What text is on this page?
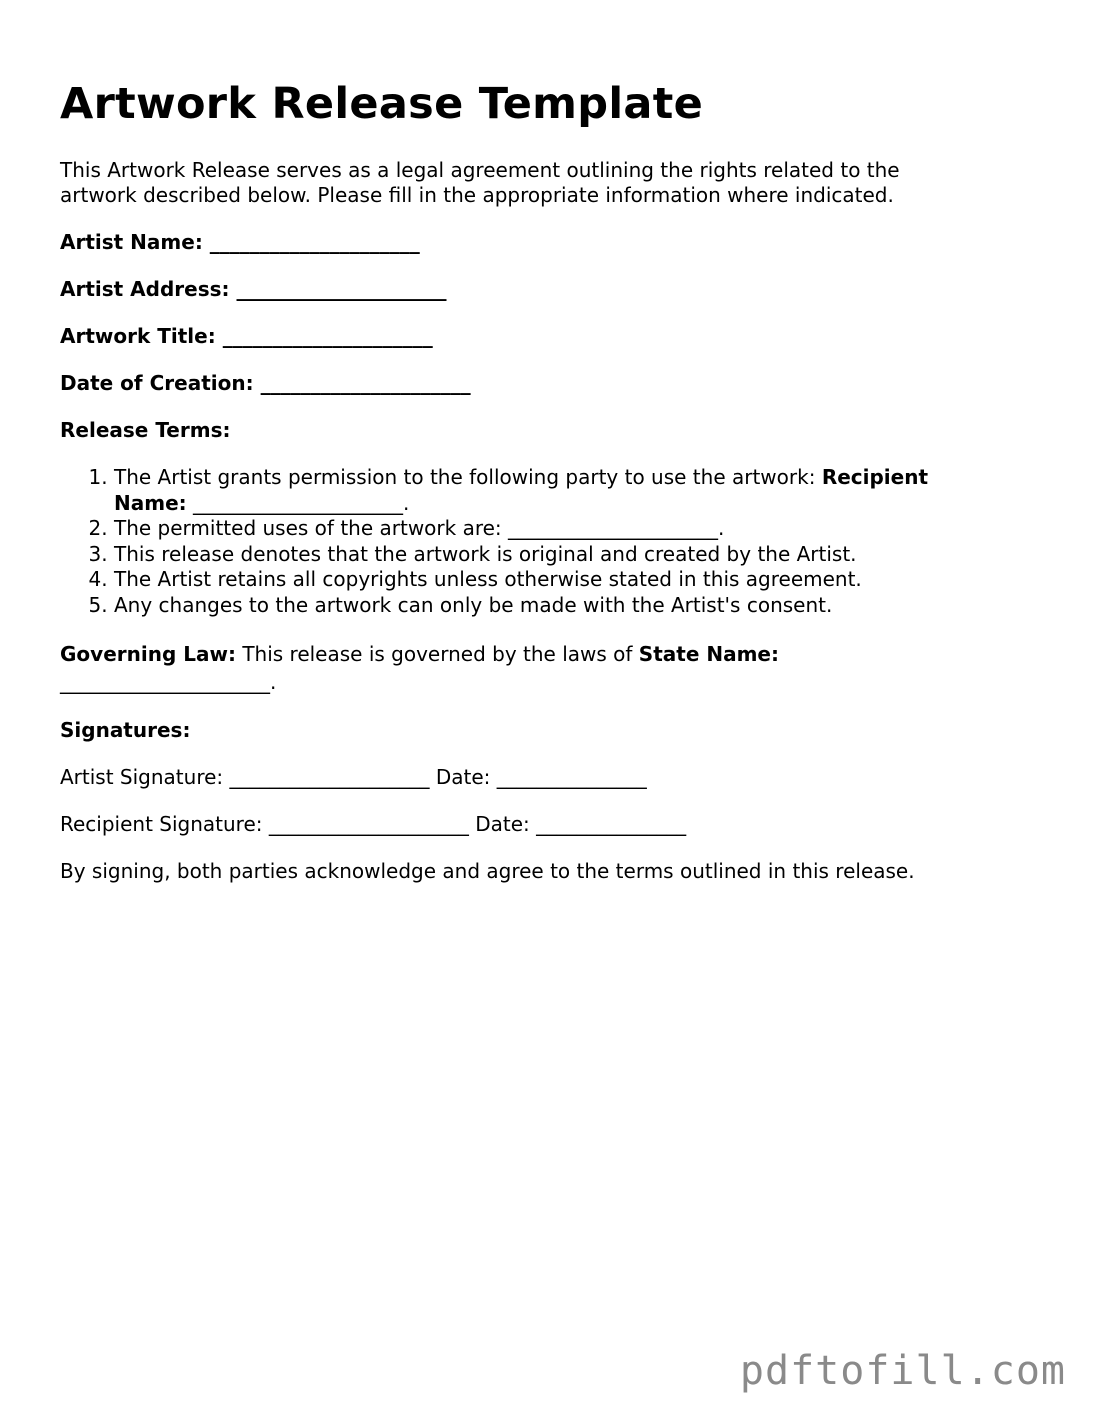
Artwork Release Template

This Artwork Release serves as a legal agreement outlining the rights related to the artwork described below. Please fill in the appropriate information where indicated.

Artist Name: _____________________

Artist Address: _____________________

Artwork Title: _____________________

Date of Creation: _____________________

Release Terms:

1. The Artist grants permission to the following party to use the artwork: Recipient Name: _____________________.
2. The permitted uses of the artwork are: _____________________.
3. This release denotes that the artwork is original and created by the Artist.
4. The Artist retains all copyrights unless otherwise stated in this agreement.
5. Any changes to the artwork can only be made with the Artist's consent.

Governing Law: This release is governed by the laws of State Name:
_____________________.

Signatures:

Artist Signature: ____________________ Date: _______________

Recipient Signature: ____________________ Date: _______________

By signing, both parties acknowledge and agree to the terms outlined in this release.

pdftofill.com
